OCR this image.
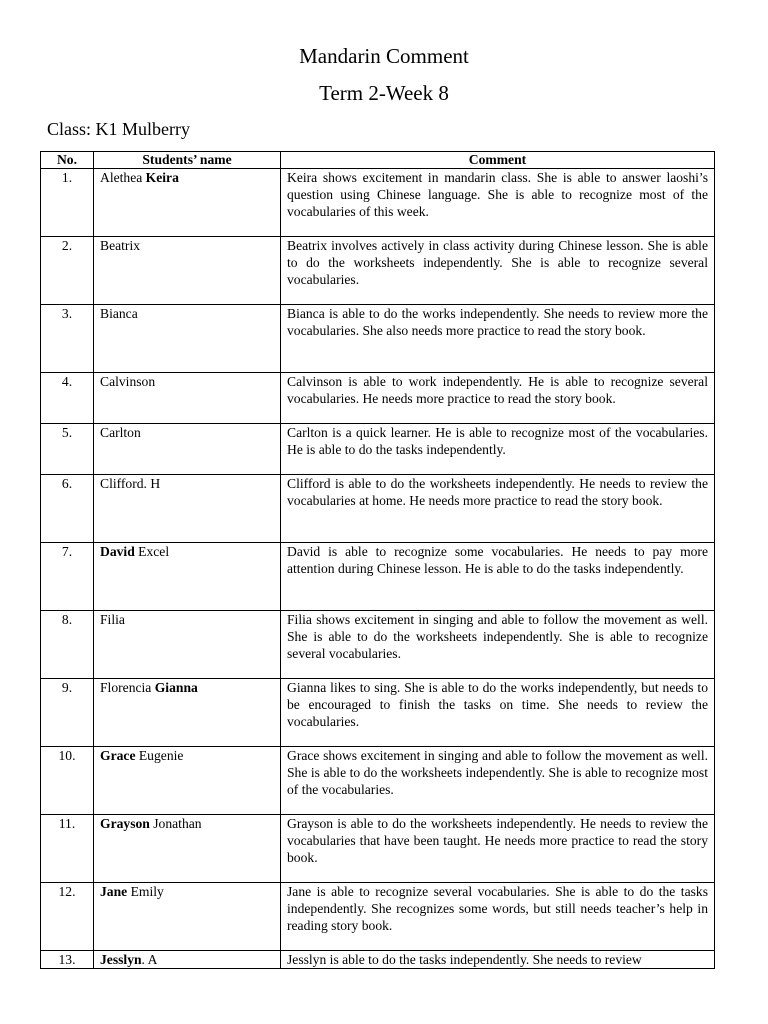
Mandarin Comment
Term 2-Week 8
Class: K1 Mulberry
No.	Students’ name	Comment
1.	Alethea Keira	Keira shows excitement in mandarin class. She is able to answer laoshi’s question using Chinese language. She is able to recognize most of the vocabularies of this week.
2.	Beatrix	Beatrix involves actively in class activity during Chinese lesson. She is able to do the worksheets independently. She is able to recognize several vocabularies.
3.	Bianca	Bianca is able to do the works independently. She needs to review more the vocabularies. She also needs more practice to read the story book.
4.	Calvinson	Calvinson is able to work independently. He is able to recognize several vocabularies. He needs more practice to read the story book.
5.	Carlton	Carlton is a quick learner. He is able to recognize most of the vocabularies. He is able to do the tasks independently.
6.	Clifford. H	Clifford is able to do the worksheets independently. He needs to review the vocabularies at home. He needs more practice to read the story book.
7.	David Excel	David is able to recognize some vocabularies. He needs to pay more attention during Chinese lesson. He is able to do the tasks independently.
8.	Filia	Filia shows excitement in singing and able to follow the movement as well. She is able to do the worksheets independently. She is able to recognize several vocabularies.
9.	Florencia Gianna	Gianna likes to sing. She is able to do the works independently, but needs to be encouraged to finish the tasks on time. She needs to review the vocabularies.
10.	Grace Eugenie	Grace shows excitement in singing and able to follow the movement as well. She is able to do the worksheets independently. She is able to recognize most of the vocabularies.
11.	Grayson Jonathan	Grayson is able to do the worksheets independently. He needs to review the vocabularies that have been taught. He needs more practice to read the story book.
12.	Jane Emily	Jane is able to recognize several vocabularies. She is able to do the tasks independently. She recognizes some words, but still needs teacher’s help in reading story book.
13.	Jesslyn. A	Jesslyn is able to do the tasks independently. She needs to review
